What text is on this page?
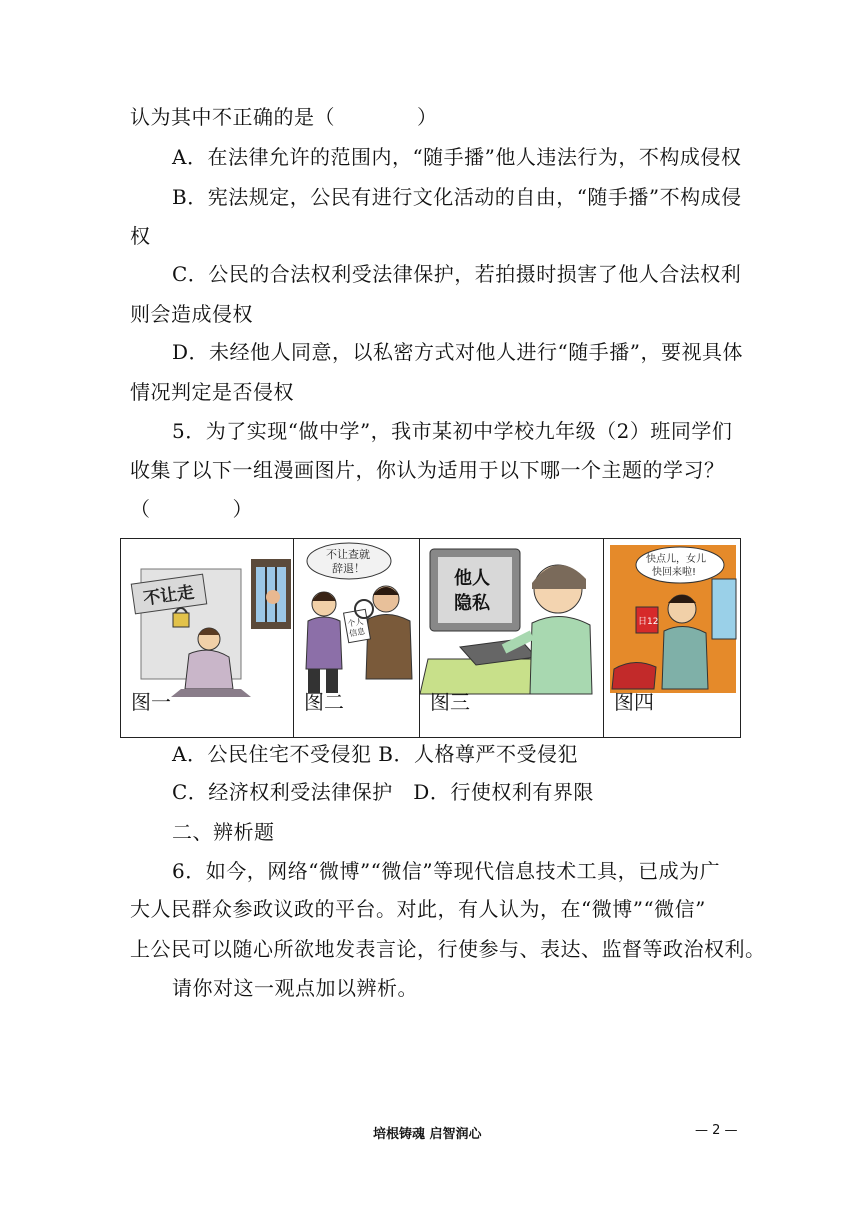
认为其中不正确的是（　　　　）
A．在法律允许的范围内，“随手播”他人违法行为，不构成侵权
B．宪法规定，公民有进行文化活动的自由，“随手播”不构成侵
权
C．公民的合法权利受法律保护，若拍摄时损害了他人合法权利
则会造成侵权
D．未经他人同意，以私密方式对他人进行“随手播”，要视具体
情况判定是否侵权
5．为了实现“做中学”，我市某初中学校九年级（2）班同学们
收集了以下一组漫画图片，你认为适用于以下哪一个主题的学习？
（　　　　）
不让走
图一

不让查就
辞退！
个人
信息
图二

他人
隐私
图三

快点儿，女儿
快回来啦!
日12
图四
A．公民住宅不受侵犯 B．人格尊严不受侵犯
C．经济权利受法律保护　D．行使权利有界限
二、辨析题
6．如今，网络“微博”“微信”等现代信息技术工具，已成为广
大人民群众参政议政的平台。对此，有人认为，在“微博”“微信”
上公民可以随心所欲地发表言论，行使参与、表达、监督等政治权利。
请你对这一观点加以辨析。
培根铸魂 启智润心	— 2 —
